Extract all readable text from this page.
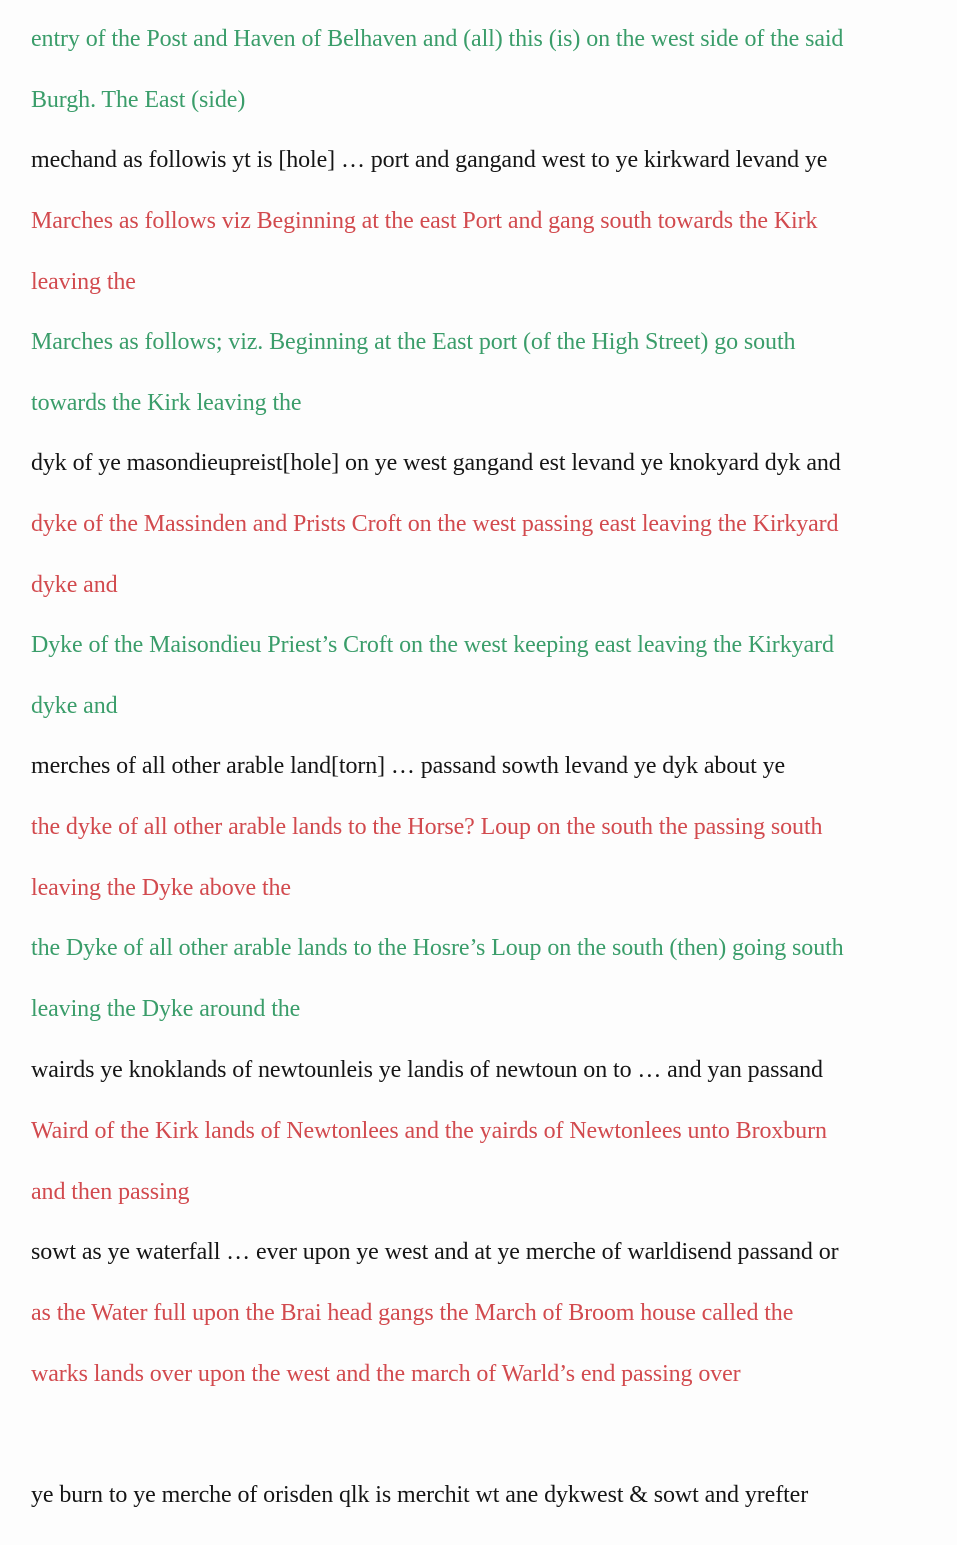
entry of the Post and Haven of Belhaven and (all) this (is) on the west side of the said
Burgh. The East (side)
mechand as followis yt is [hole] … port and gangand west to ye kirkward levand ye
Marches as follows viz Beginning at the east Port and gang south towards the Kirk
leaving the
Marches as follows; viz. Beginning at the East port (of the High Street) go south
towards the Kirk leaving the
dyk of ye masondieupreist[hole] on ye west gangand est levand ye knokyard dyk and
dyke of the Massinden and Prists Croft on the west passing east leaving the Kirkyard
dyke and
Dyke of the Maisondieu Priest’s Croft on the west keeping east leaving the Kirkyard
dyke and
merches of all other arable land[torn] … passand sowth levand ye dyk about ye
the dyke of all other arable lands to the Horse? Loup on the south the passing south
leaving the Dyke above the
the Dyke of all other arable lands to the Hosre’s Loup on the south (then) going south
leaving the Dyke around the
wairds ye knoklands of newtounleis ye landis of newtoun on to … and yan passand
Waird of the Kirk lands of Newtonlees and the yairds of Newtonlees unto Broxburn
and then passing
sowt as ye waterfall … ever upon ye west and at ye merche of warldisend passand or
as the Water full upon the Brai head gangs the March of Broom house called the
warks lands over upon the west and the march of Warld’s end passing over
ye burn to ye merche of orisden qlk is merchit wt ane dykwest & sowt and yrefter
